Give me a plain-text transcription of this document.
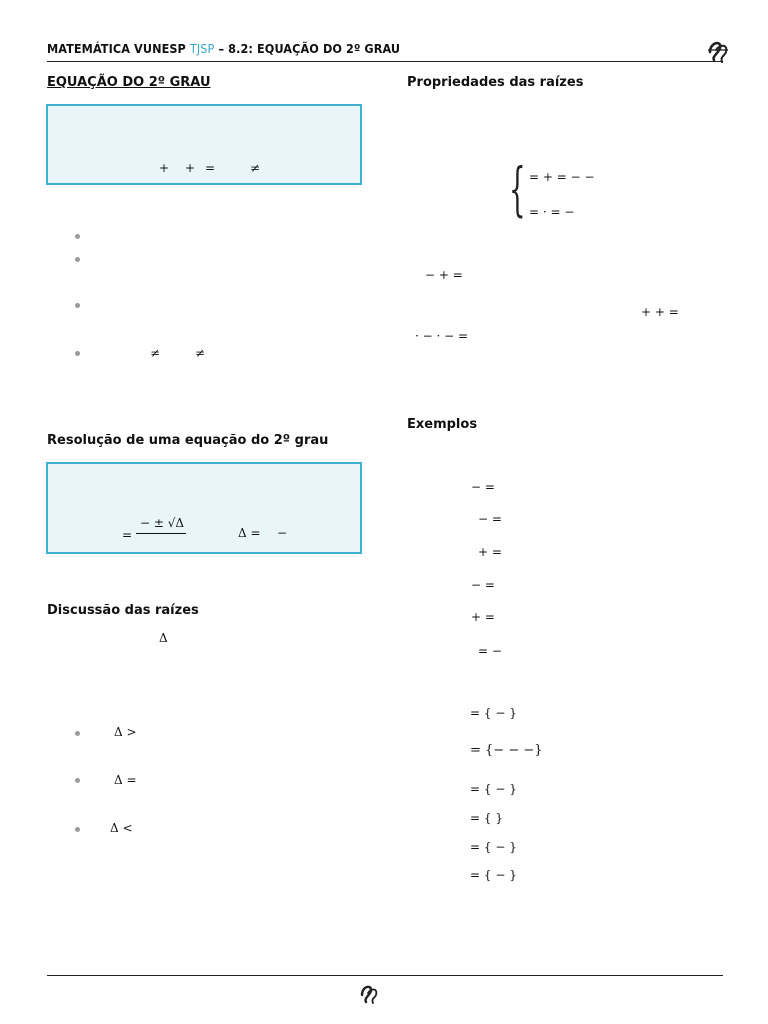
MATEMÁTICA VUNESP TJSP – 8.2: EQUAÇÃO DO 2º GRAU
EQUAÇÃO DO 2º GRAU
+ + =	≠
≠	≠
Resolução de uma equação do 2º grau
=
− ± √Δ
Δ = −
Discussão das raízes
Δ
Δ >
Δ =
Δ <
Propriedades das raízes
{ = + = − −
= · = −
− + =
+ + =
· − · − =
Exemplos
− =
− =
+ =
− =
+ =
= −
= { − }
= {− − −}
= { − }
= { }
= { − }
= { − }
